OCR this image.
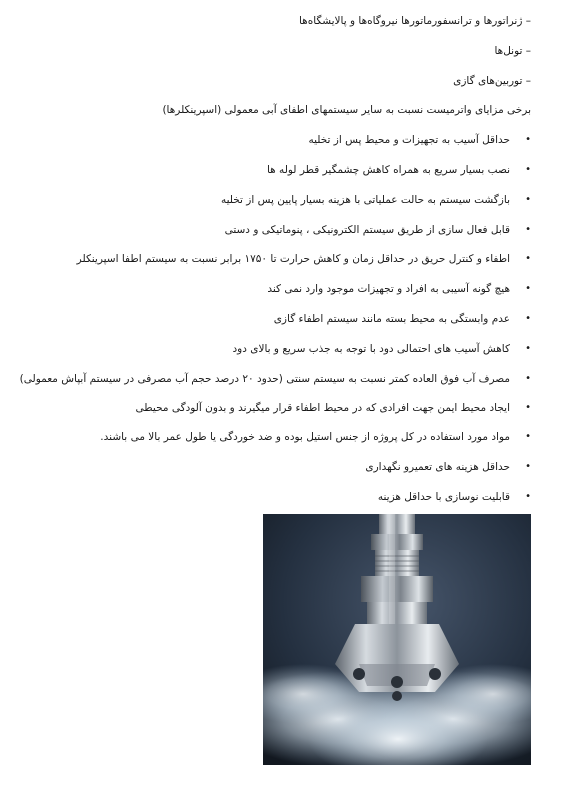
– ژنراتورها و ترانسفورماتورها نیروگاه‌ها و پالایشگاه‌ها
– تونل‌ها
– توربین‌های گازی
برخی مزایای واترمیست نسبت به سایر سیستمهای اطفای آبی معمولی (اسپرینکلرها)
•
حداقل آسیب به تجهیزات و محیط پس از تخلیه
•
نصب بسیار سریع به همراه کاهش چشمگیر قطر لوله ها
•
بازگشت سیستم به حالت عملیاتی با هزینه بسیار پایین پس از تخلیه
•
قابل فعال سازی از طریق سیستم الکترونیکی ، پنوماتیکی و دستی
•
اطفاء و کنترل حریق در حداقل زمان و کاهش حرارت تا ۱۷۵۰ برابر نسبت به سیستم اطفا اسپرینکلر
•
هیچ گونه آسیبی به افراد و تجهیزات موجود وارد نمی کند
•
عدم وابستگی به محیط بسته مانند سیستم اطفاء گازی
•
کاهش آسیب های احتمالی دود با توجه به جذب سریع و بالای دود
•
مصرف آب فوق العاده کمتر نسبت به سیستم سنتی (حدود ۲۰ درصد حجم آب مصرفی در سیستم آبپاش معمولی)
•
ایجاد محیط ایمن جهت افرادی که در محیط اطفاء قرار میگیرند و بدون آلودگی محیطی
•
مواد مورد استفاده در کل پروژه از جنس استیل بوده و ضد خوردگی یا طول عمر بالا می باشند.
•
حداقل هزینه های تعمیرو نگهداری
•
قابلیت نوسازی با حداقل هزینه
